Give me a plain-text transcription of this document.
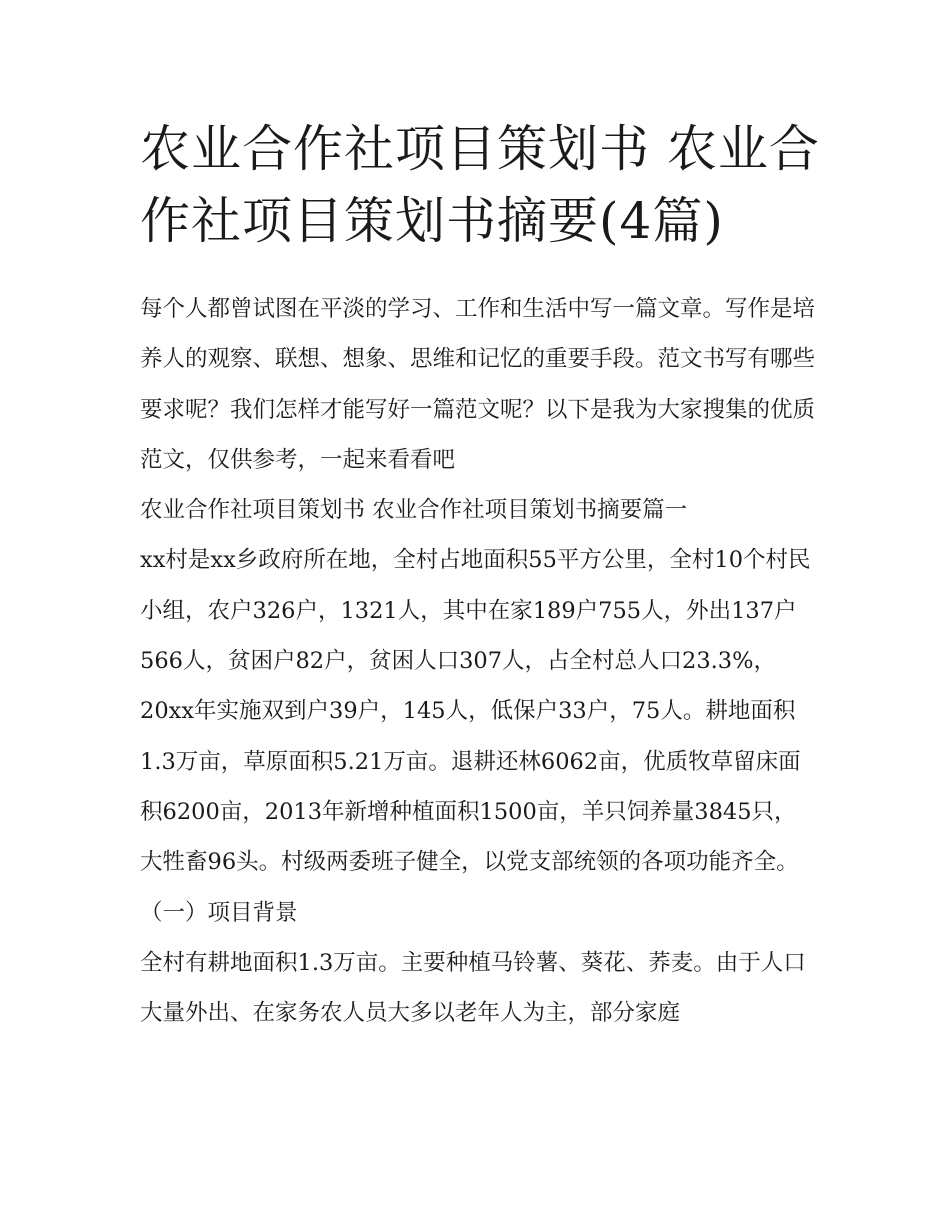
农业合作社项目策划书 农业合作社项目策划书摘要(4篇)

每个人都曾试图在平淡的学习、工作和生活中写一篇文章。写作是培养人的观察、联想、想象、思维和记忆的重要手段。范文书写有哪些要求呢？我们怎样才能写好一篇范文呢？以下是我为大家搜集的优质范文，仅供参考，一起来看看吧

农业合作社项目策划书 农业合作社项目策划书摘要篇一

xx村是xx乡政府所在地，全村占地面积55平方公里，全村10个村民小组，农户326户，1321人，其中在家189户755人，外出137户566人，贫困户82户，贫困人口307人，占全村总人口23.3%，20xx年实施双到户39户，145人，低保户33户，75人。耕地面积1.3万亩，草原面积5.21万亩。退耕还林6062亩，优质牧草留床面积6200亩，2013年新增种植面积1500亩，羊只饲养量3845只，大牲畜96头。村级两委班子健全，以党支部统领的各项功能齐全。

（一）项目背景

全村有耕地面积1.3万亩。主要种植马铃薯、葵花、荞麦。由于人口大量外出、在家务农人员大多以老年人为主，部分家庭
